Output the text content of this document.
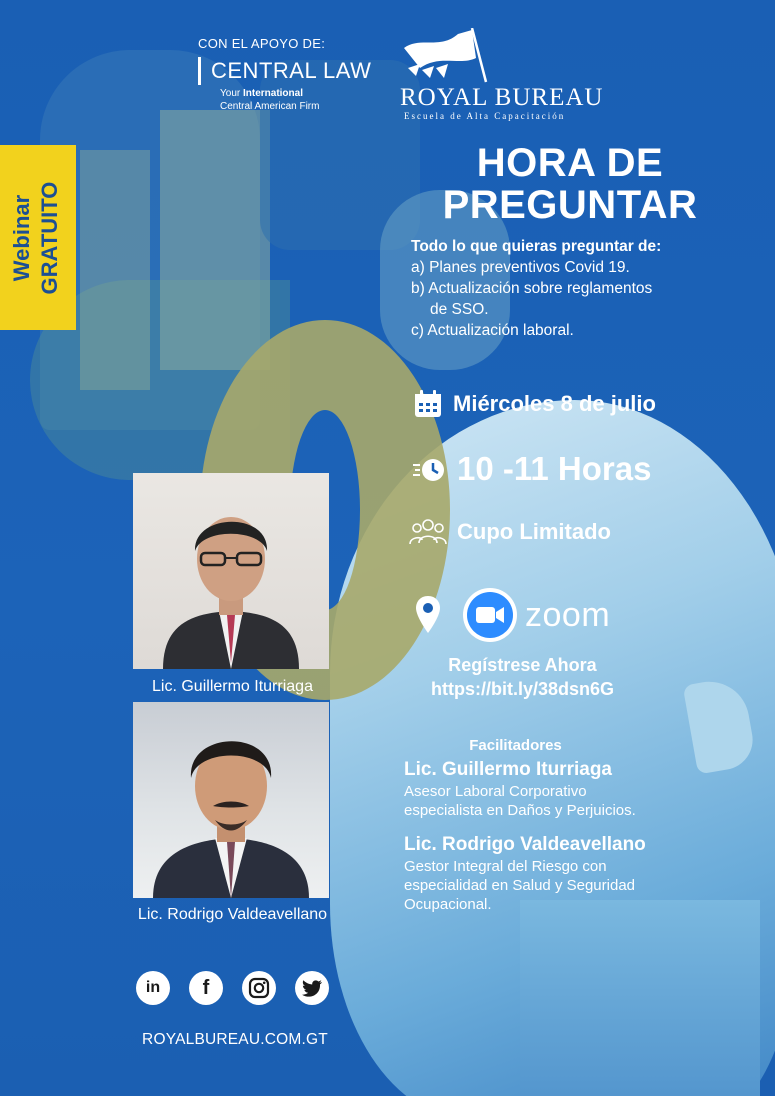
CON EL APOYO DE:
CENTRAL LAW
Your International
Central American Firm	ROYAL BUREAU
Escuela de Alta Capacitación
Webinar GRATUITO
HORA DE
PREGUNTAR
Todo lo que quieras preguntar de:
a) Planes preventivos Covid 19.
b) Actualización sobre reglamentos
de SSO.
c) Actualización laboral.
Miércoles 8 de julio
10 -11 Horas
Cupo Limitado
zoom
Regístrese Ahora
https://bit.ly/38dsn6G
Lic. Guillermo Iturriaga
Lic. Rodrigo Valdeavellano
Facilitadores
Lic. Guillermo Iturriaga
Asesor Laboral Corporativo
especialista en Daños y Perjuicios.
Lic. Rodrigo Valdeavellano
Gestor Integral del Riesgo con
especialidad en Salud y Seguridad
Ocupacional.
in f
ROYALBUREAU.COM.GT
